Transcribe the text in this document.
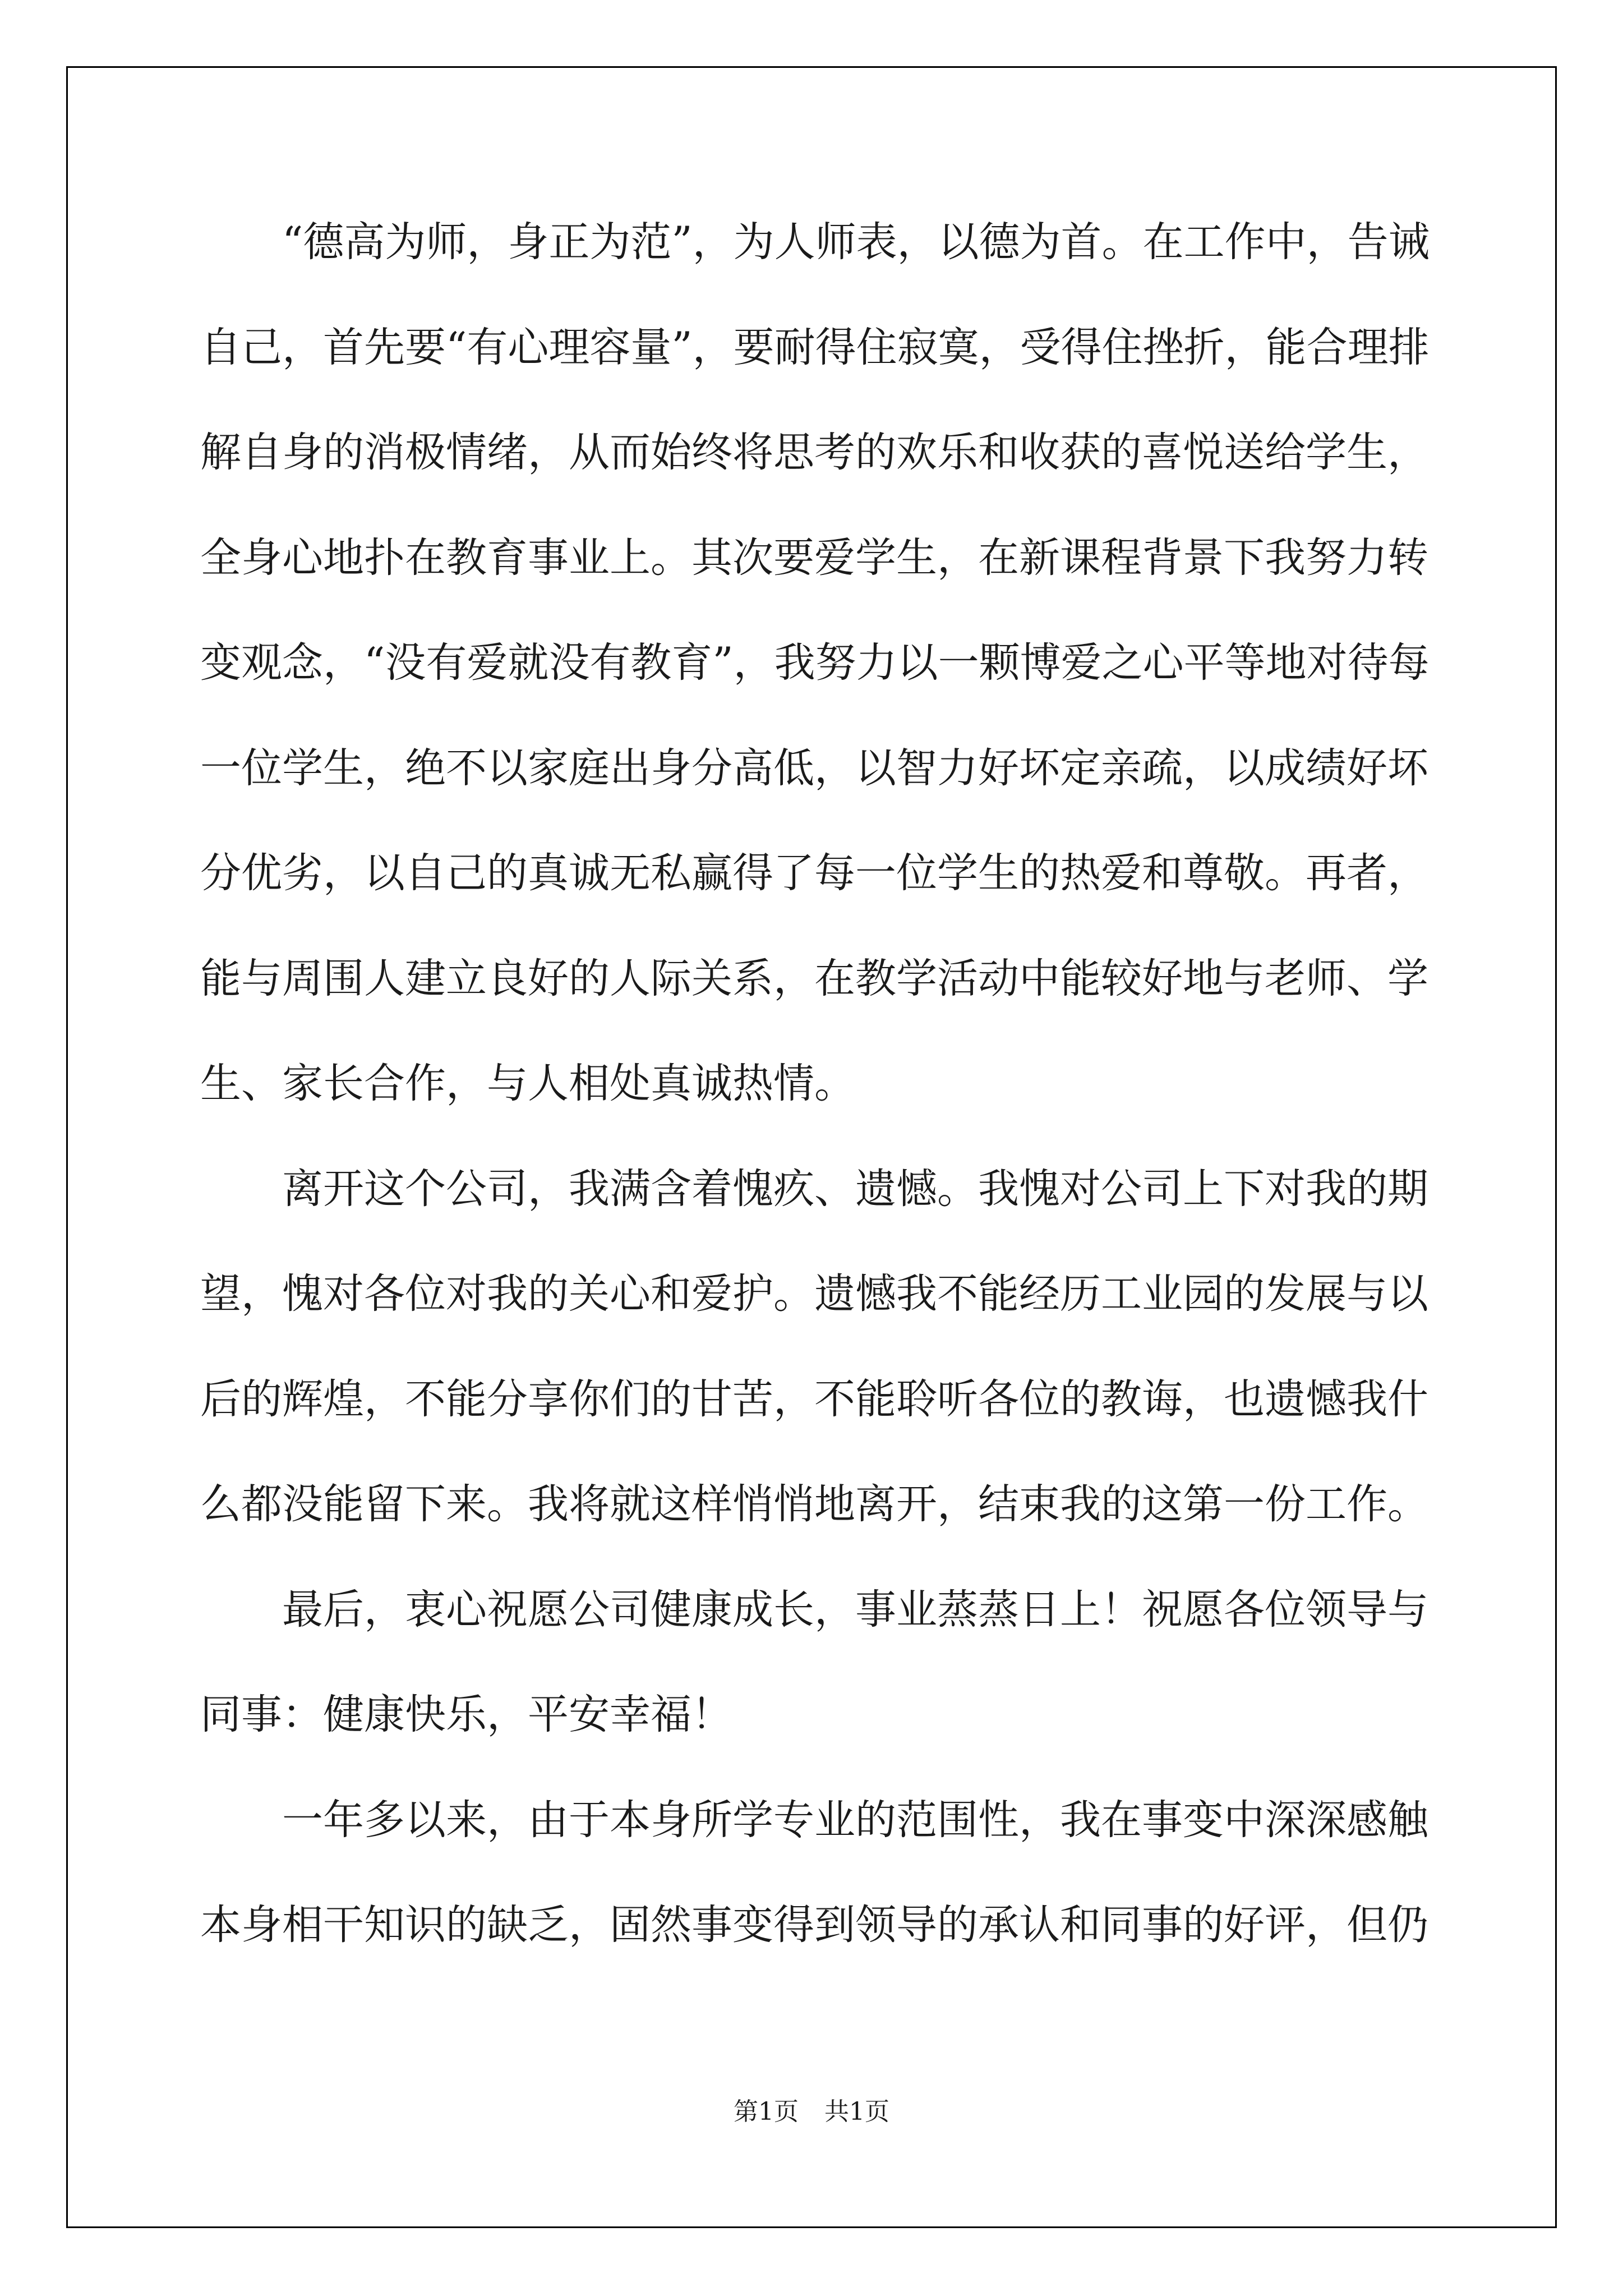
“德高为师，身正为范”，为人师表，以德为首。在工作中，告诫
自己，首先要“有心理容量”，要耐得住寂寞，受得住挫折，能合理排
解自身的消极情绪，从而始终将思考的欢乐和收获的喜悦送给学生，
全身心地扑在教育事业上。其次要爱学生，在新课程背景下我努力转
变观念，“没有爱就没有教育”，我努力以一颗博爱之心平等地对待每
一位学生，绝不以家庭出身分高低，以智力好坏定亲疏，以成绩好坏
分优劣，以自己的真诚无私赢得了每一位学生的热爱和尊敬。再者，
能与周围人建立良好的人际关系，在教学活动中能较好地与老师、学
生、家长合作，与人相处真诚热情。
离开这个公司，我满含着愧疚、遗憾。我愧对公司上下对我的期
望，愧对各位对我的关心和爱护。遗憾我不能经历工业园的发展与以
后的辉煌，不能分享你们的甘苦，不能聆听各位的教诲，也遗憾我什
么都没能留下来。我将就这样悄悄地离开，结束我的这第一份工作。
最后，衷心祝愿公司健康成长，事业蒸蒸日上！祝愿各位领导与
同事：健康快乐，平安幸福！
一年多以来，由于本身所学专业的范围性，我在事变中深深感触
本身相干知识的缺乏，固然事变得到领导的承认和同事的好评，但仍
第1页 共1页
